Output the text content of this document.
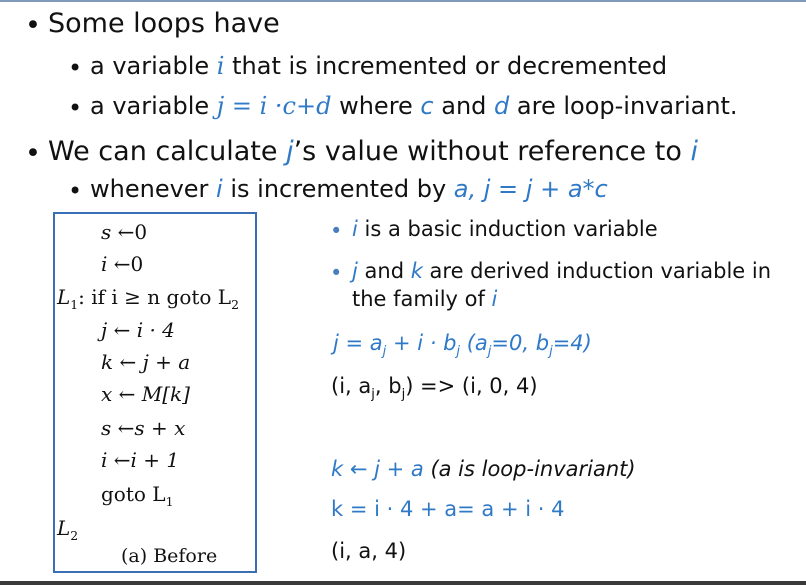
• Some loops have
• a variable i that is incremented or decremented
• a variable j = i ·c+d where c and d are loop-invariant.
• We can calculate j’s value without reference to i
• whenever i is incremented by a, j = j + a*c
s ←0
i ←0
$L_1$: if i ≥ n goto $L_2$
j ← i · 4
k ← j + a
x ← M[k]
s ←s + x
i ←i + 1
goto $L_1$
$L_2$
(a) Before
• i is a basic induction variable
• j and k are derived induction variable in
the family of i
$j = a_j + i \cdot b_j$ ($a_j=0$, $b_j=4$)
(i, $a_j$, $b_j) => (i$, 0, 4)
k ← j + a (a is loop-invariant)
k = i · 4 + a= a + i · 4
(i, a, 4)
